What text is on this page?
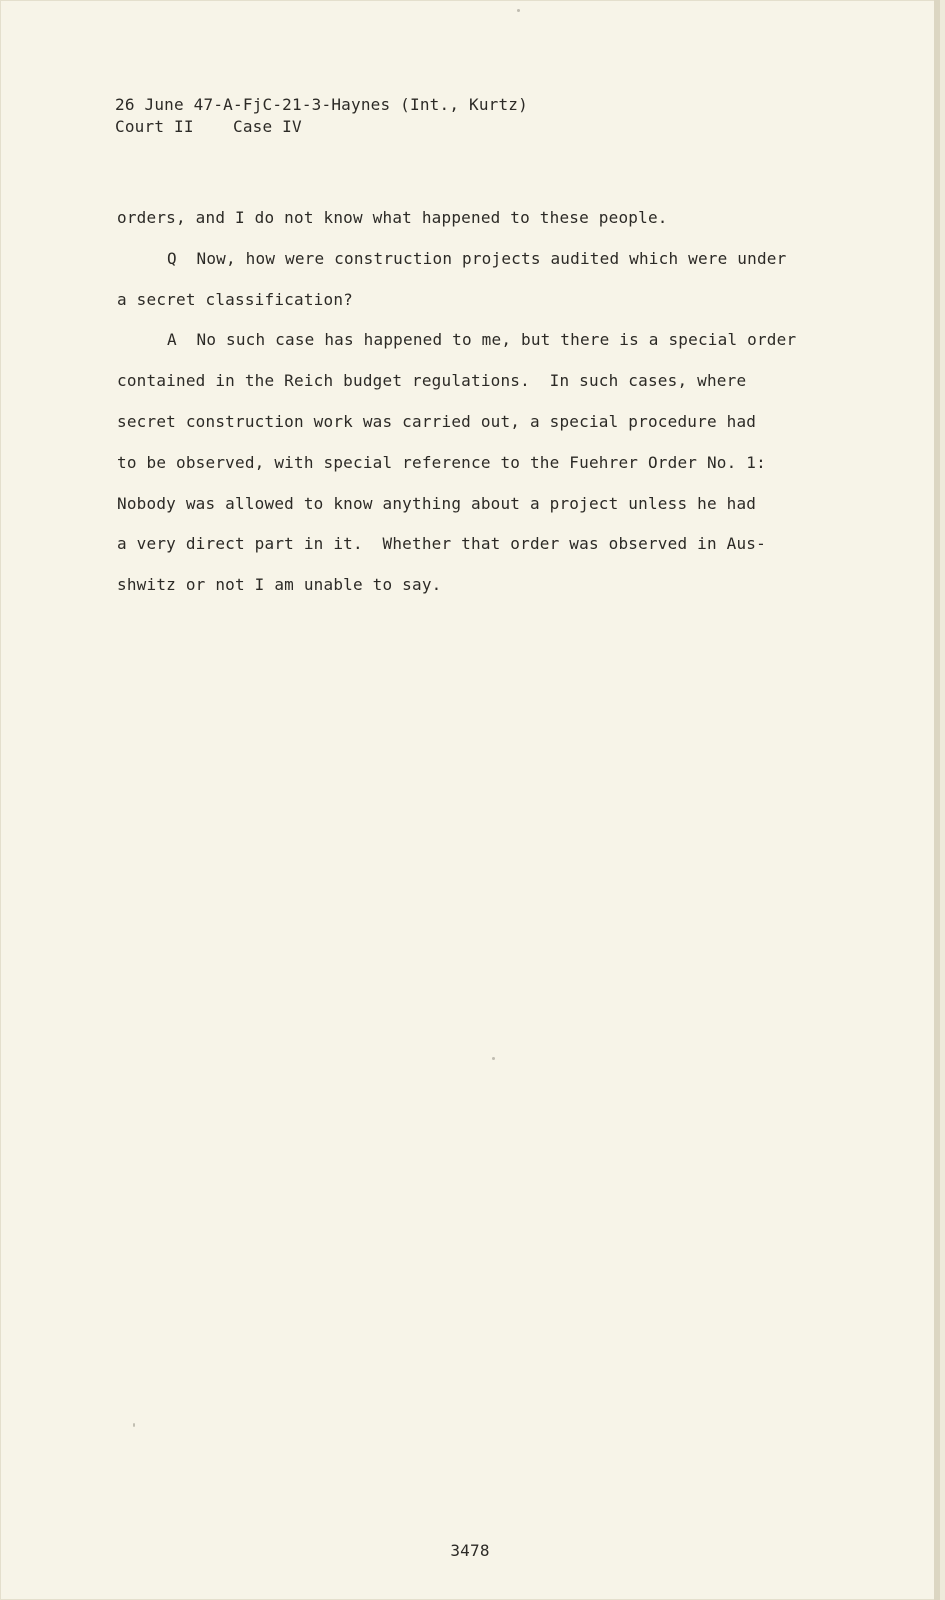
26 June 47-A-FjC-21-3-Haynes (Int., Kurtz)
Court II    Case IV

orders, and I do not know what happened to these people.

Q  Now, how were construction projects audited which were under

a secret classification?

A  No such case has happened to me, but there is a special order

contained in the Reich budget regulations.  In such cases, where

secret construction work was carried out, a special procedure had

to be observed, with special reference to the Fuehrer Order No. 1:

Nobody was allowed to know anything about a project unless he had

a very direct part in it.  Whether that order was observed in Aus-

shwitz or not I am unable to say.

3478
